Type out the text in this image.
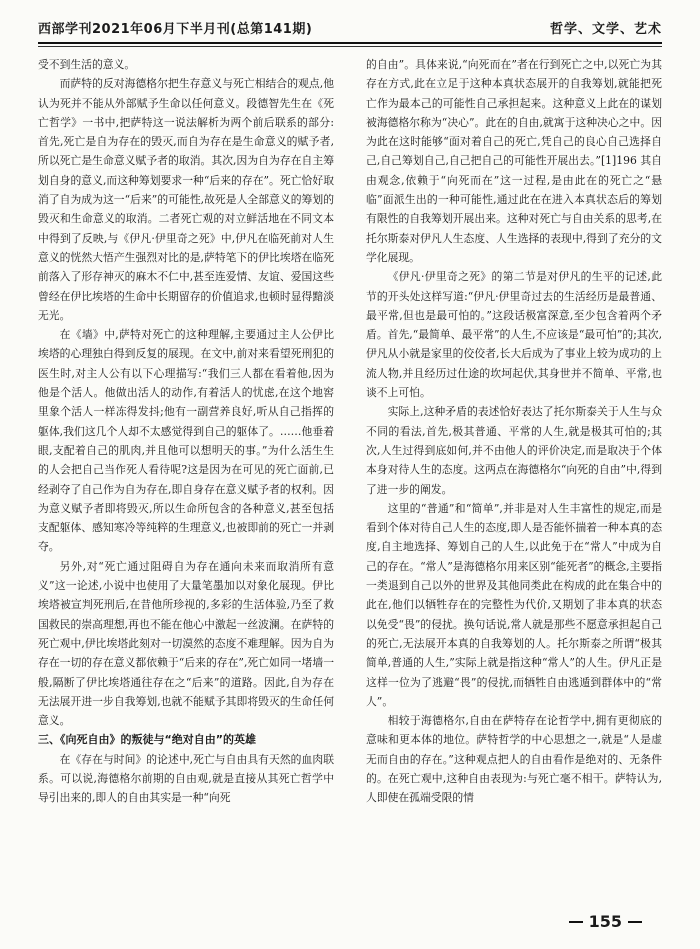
西部学刊2021年06月下半月刊(总第141期)	哲学、文学、艺术

受不到生活的意义。

而萨特的反对海德格尔把生存意义与死亡相结合的观点,他认为死并不能从外部赋予生命以任何意义。段德智先生在《死亡哲学》一书中,把萨特这一说法解析为两个前后联系的部分:首先,死亡是自为存在的毁灭,而自为存在是生命意义的赋予者,所以死亡是生命意义赋予者的取消。其次,因为自为存在自主筹划自身的意义,而这种筹划要求一种“后来的存在”。死亡恰好取消了自为成为这一“后来”的可能性,故死是人全部意义的筹划的毁灭和生命意义的取消。二者死亡观的对立鲜活地在不同文本中得到了反映,与《伊凡·伊里奇之死》中,伊凡在临死前对人生意义的恍然大悟产生强烈对比的是,萨特笔下的伊比埃塔在临死前落入了形存神灭的麻木不仁中,甚至连爱情、友谊、爱国这些曾经在伊比埃塔的生命中长期留存的价值追求,也顿时显得黯淡无光。

在《墙》中,萨特对死亡的这种理解,主要通过主人公伊比埃塔的心理独白得到反复的展现。在文中,前对来看望死刑犯的医生时,对主人公有以下心理描写:“我们三人都在看着他,因为他是个活人。他做出活人的动作,有着活人的忧虑,在这个地窖里象个活人一样冻得发抖;他有一副营养良好,听从自己指挥的躯体,我们这几个人却不太感觉得到自己的躯体了。……他垂着眼,支配着自己的肌肉,并且他可以想明天的事。”为什么活生生的人会把自己当作死人看待呢?这是因为在可见的死亡面前,已经剥夺了自己作为自为存在,即自身存在意义赋予者的权利。因为意义赋予者即将毁灭,所以生命所包含的各种意义,甚至包括支配躯体、感知寒冷等纯粹的生理意义,也被即前的死亡一并剥夺。

另外,对“死亡通过阻碍自为存在通向未来而取消所有意义”这一论述,小说中也使用了大量笔墨加以对象化展现。伊比埃塔被宣判死刑后,在昔他所珍视的,多彩的生活体验,乃至了救国救民的崇高理想,再也不能在他心中激起一丝波澜。在萨特的死亡观中,伊比埃塔此刻对一切漠然的态度不难理解。因为自为存在一切的存在意义都依赖于“后来的存在”,死亡如同一堵墙一般,隔断了伊比埃塔通往存在之“后来”的道路。因此,自为存在无法展开进一步自我筹划,也就不能赋予其即将毁灭的生命任何意义。

三、《向死自由》的叛徒与“绝对自由”的英雄

在《存在与时间》的论述中,死亡与自由具有天然的血肉联系。可以说,海德格尔前期的自由观,就是直接从其死亡哲学中导引出来的,即人的自由其实是一种“向死

的自由”。具体来说,“向死而在”者在行到死亡之中,以死亡为其存在方式,此在立足于这种本真状态展开的自我筹划,就能把死亡作为最本己的可能性自己承担起来。这种意义上此在的谋划被海德格尔称为“决心”。此在的自由,就寓于这种决心之中。因为此在这时能够“面对着自己的死亡,凭自己的良心自己选择自己,自己筹划自己,自己把自己的可能性开展出去。”[1]196 其自由观念,依赖于“向死而在”这一过程,是由此在的死亡之“悬临”面派生出的一种可能性,通过此在在进入本真状态后的筹划有限性的自我筹划开展出来。这种对死亡与自由关系的思考,在托尔斯泰对伊凡人生态度、人生选择的表现中,得到了充分的文学化展现。

《伊凡·伊里奇之死》的第二节是对伊凡的生平的记述,此节的开头处这样写道:“伊凡·伊里奇过去的生活经历是最普通、最平常,但也是最可怕的。”这段话极富深意,至少包含着两个矛盾。首先,“最简单、最平常”的人生,不应该是“最可怕”的;其次,伊凡从小就是家里的佼佼者,长大后成为了事业上较为成功的上流人物,并且经历过仕途的坎坷起伏,其身世并不简单、平常,也谈不上可怕。

实际上,这种矛盾的表述恰好表达了托尔斯泰关于人生与众不同的看法,首先,极其普通、平常的人生,就是极其可怕的;其次,人生过得到底如何,并不由他人的评价决定,而是取决于个体本身对待人生的态度。这两点在海德格尔“向死的自由”中,得到了进一步的阐发。

这里的“普通”和“简单”,并非是对人生丰富性的规定,而是看到个体对待自己人生的态度,即人是否能怀揣着一种本真的态度,自主地选择、筹划自己的人生,以此免于在“常人”中成为自己的存在。“常人”是海德格尔用来区别“能死者”的概念,主要指一类退到自己以外的世界及其他同类此在构成的此在集合中的此在,他们以牺牲存在的完整性为代价,又期划了非本真的状态以免受“畏”的侵扰。换句话说,常人就是那些不愿意承担起自己的死亡,无法展开本真的自我筹划的人。托尔斯泰之所谓“极其简单,普通的人生,”实际上就是指这种“常人”的人生。伊凡正是这样一位为了逃避“畏”的侵扰,而牺牲自由逃遁到群体中的“常人”。

相较于海德格尔,自由在萨特存在论哲学中,拥有更彻底的意味和更本体的地位。萨特哲学的中心思想之一,就是“人是虚无而自由的存在。”这种观点把人的自由看作是绝对的、无条件的。在死亡观中,这种自由表现为:与死亡毫不相干。萨特认为,人即使在孤端受限的情

155
